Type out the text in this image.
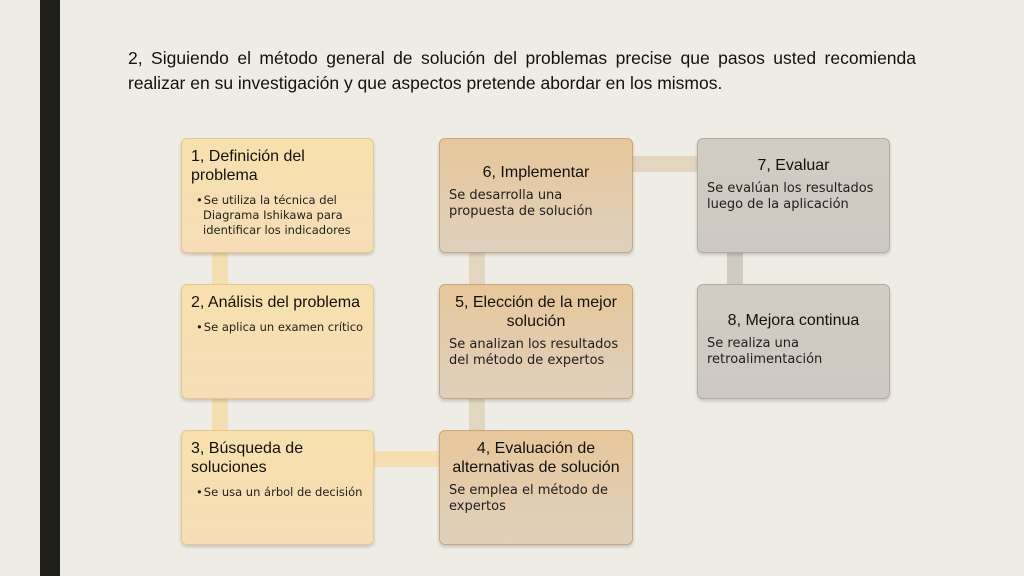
2, Siguiendo el método general de solución del problemas precise que pasos usted recomienda realizar en su investigación y que aspectos pretende abordar en los mismos.
1, Definición del problema
• Se utiliza la técnica del Diagrama Ishikawa para identificar los indicadores
2, Análisis del problema
• Se aplica un examen crítico
3, Búsqueda de soluciones
• Se usa un árbol de decisión
4, Evaluación de alternativas de solución
Se emplea el método de expertos
5, Elección de la mejor solución
Se analizan los resultados del método de expertos
6, Implementar
Se desarrolla una propuesta de solución
7, Evaluar
Se evalúan los resultados luego de la aplicación
8, Mejora continua
Se realiza una retroalimentación
